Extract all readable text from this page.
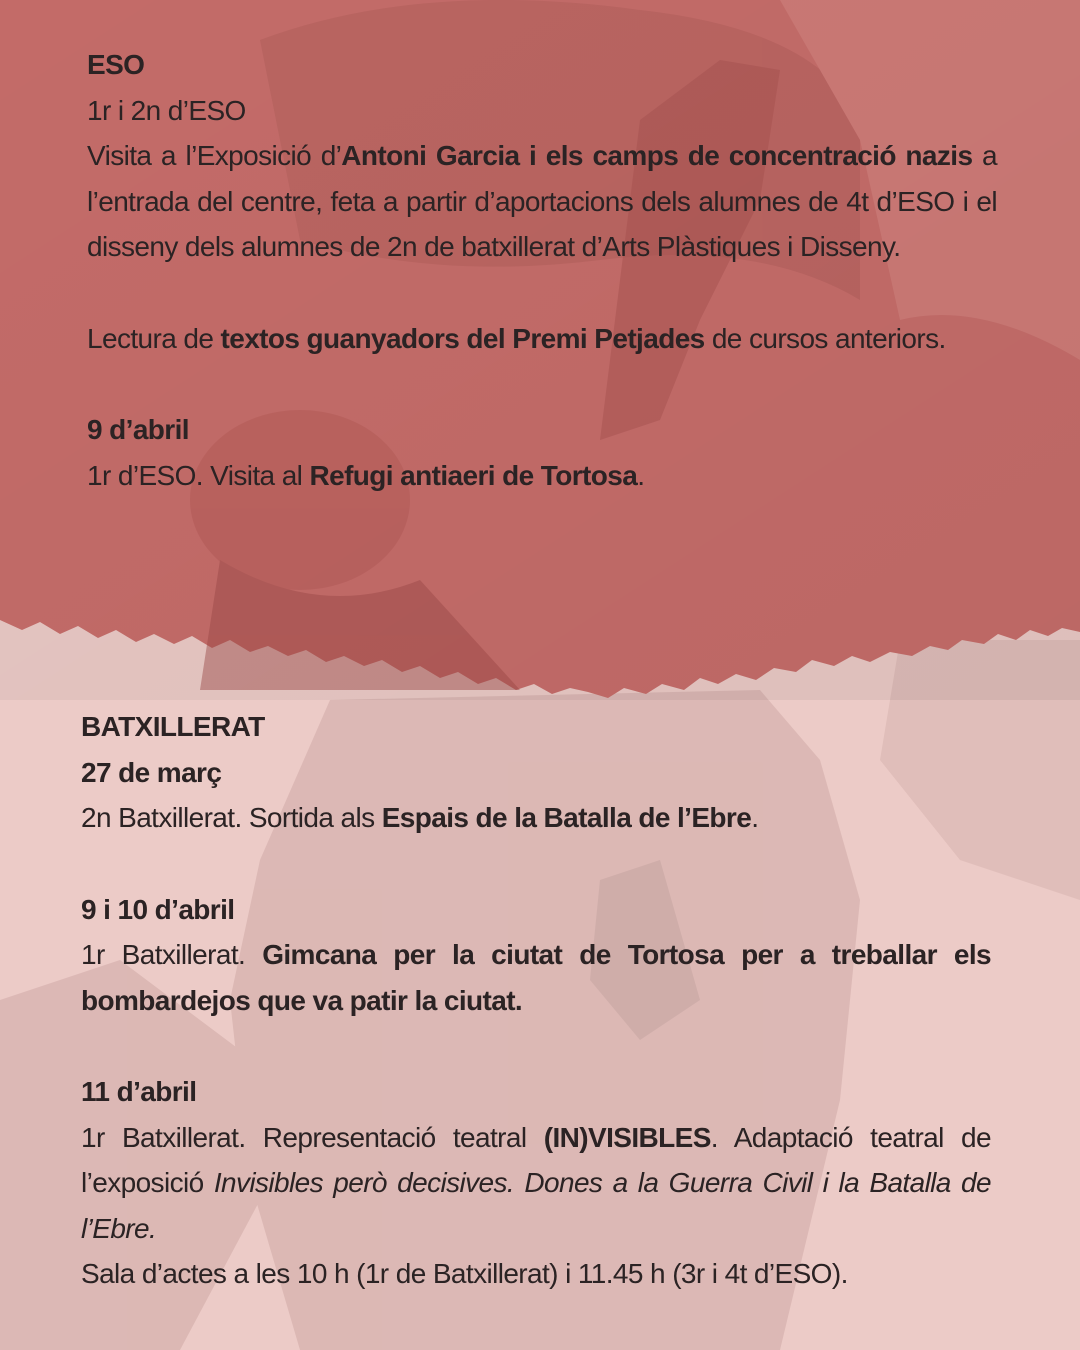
ESO

1r i 2n d’ESO

Visita a l’Exposició d’Antoni Garcia i els camps de concentració nazis a l’entrada del centre, feta a partir d’aportacions dels alumnes de 4t d’ESO i el disseny dels alumnes de 2n de batxillerat d’Arts Plàstiques i Disseny.

Lectura de textos guanyadors del Premi Petjades de cursos anteriors.

9 d’abril

1r d’ESO. Visita al Refugi antiaeri de Tortosa.

BATXILLERAT

27 de març

2n Batxillerat. Sortida als Espais de la Batalla de l’Ebre.

9 i 10 d’abril

1r Batxillerat. Gimcana per la ciutat de Tortosa per a treballar els bombardejos que va patir la ciutat.

11 d’abril

1r Batxillerat. Representació teatral (IN)VISIBLES. Adaptació teatral de l’exposició Invisibles però decisives. Dones a la Guerra Civil i la Batalla de l’Ebre.

Sala d’actes a les 10 h (1r de Batxillerat) i 11.45 h (3r i 4t d’ESO).
